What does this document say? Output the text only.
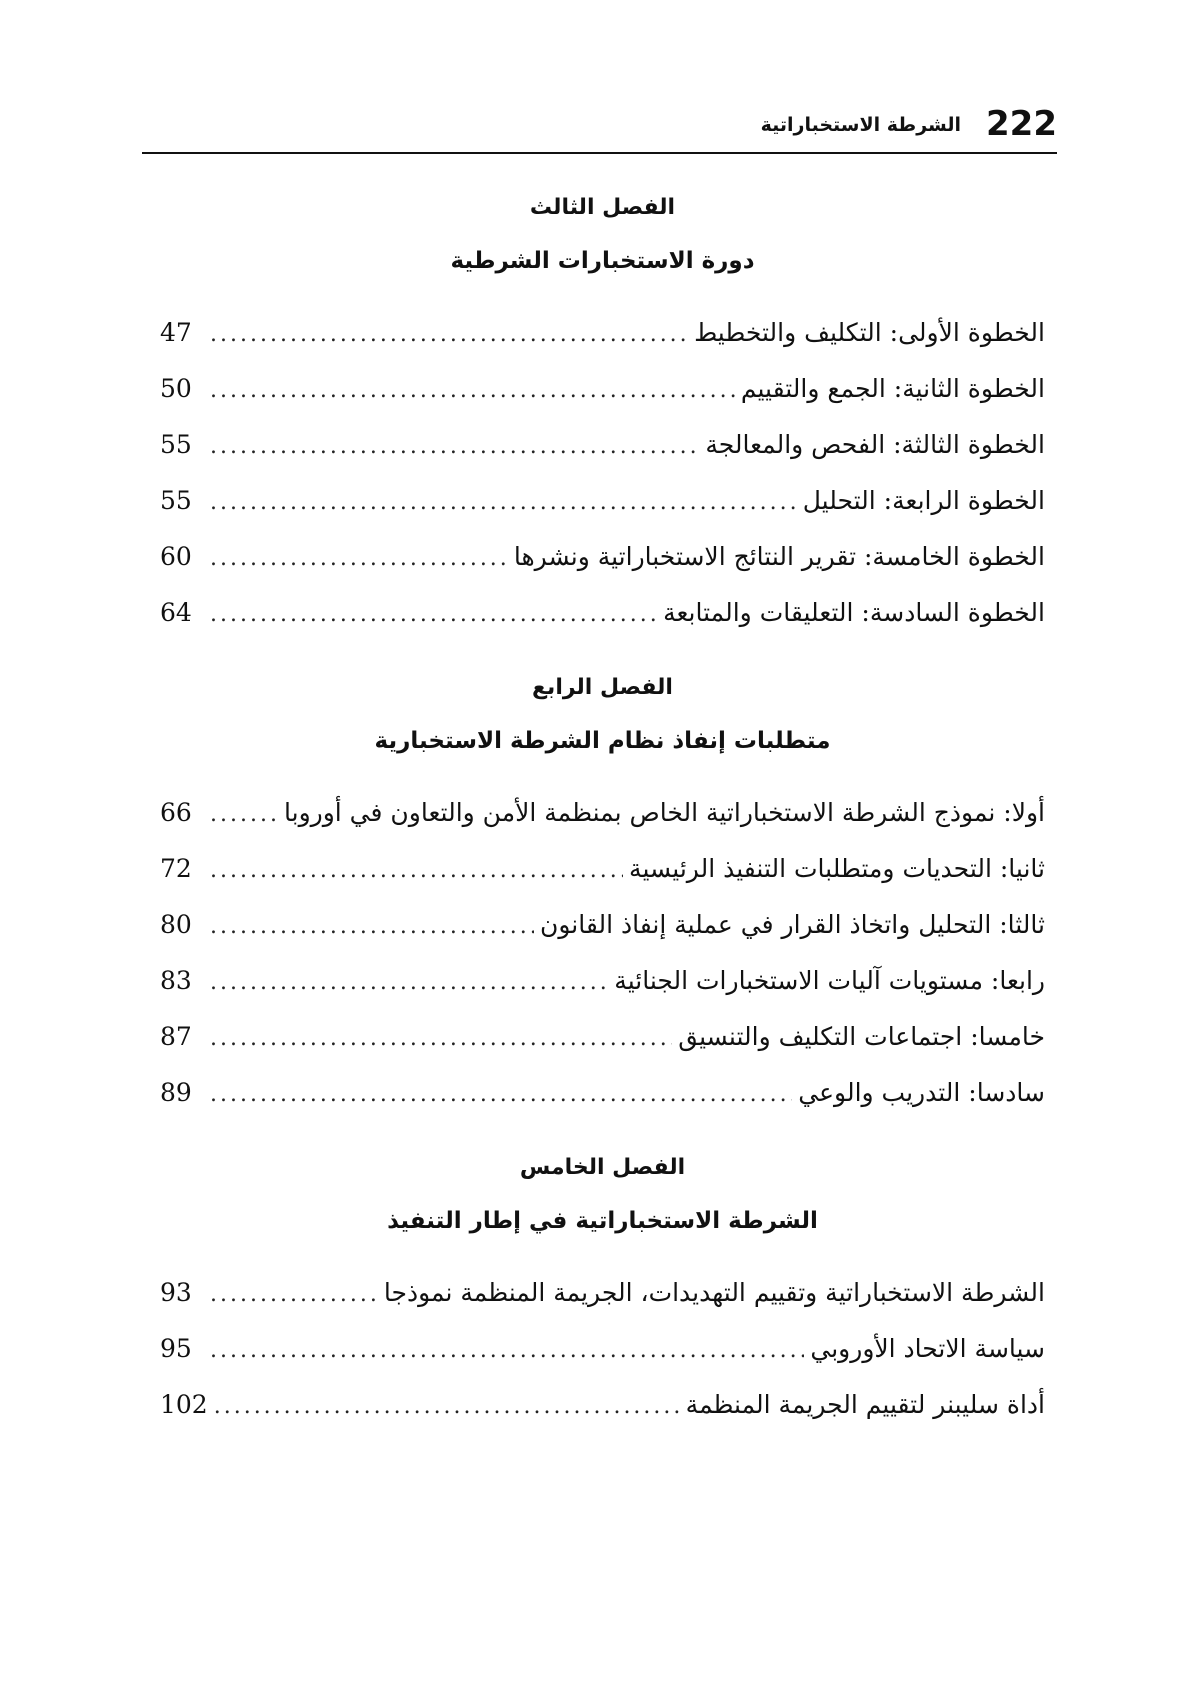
222
الشرطة الاستخباراتية
الفصل الثالث
دورة الاستخبارات الشرطية
الخطوة الأولى: التكليف والتخطيط
.....
47
الخطوة الثانية: الجمع والتقييم
.....
50
الخطوة الثالثة: الفحص والمعالجة
.....
55
الخطوة الرابعة: التحليل
.....
55
الخطوة الخامسة: تقرير النتائج الاستخباراتية ونشرها
.....
60
الخطوة السادسة: التعليقات والمتابعة
.....
64
الفصل الرابع
متطلبات إنفاذ نظام الشرطة الاستخبارية
أولا: نموذج الشرطة الاستخباراتية الخاص بمنظمة الأمن والتعاون في أوروبا
.....
66
ثانيا: التحديات ومتطلبات التنفيذ الرئيسية
.....
72
ثالثا: التحليل واتخاذ القرار في عملية إنفاذ القانون
.....
80
رابعا: مستويات آليات الاستخبارات الجنائية
.....
83
خامسا: اجتماعات التكليف والتنسيق
.....
87
سادسا: التدريب والوعي
.....
89
الفصل الخامس
الشرطة الاستخباراتية في إطار التنفيذ
الشرطة الاستخباراتية وتقييم التهديدات، الجريمة المنظمة نموذجا
.....
93
سياسة الاتحاد الأوروبي
.....
95
أداة سليبنر لتقييم الجريمة المنظمة
.....
102
